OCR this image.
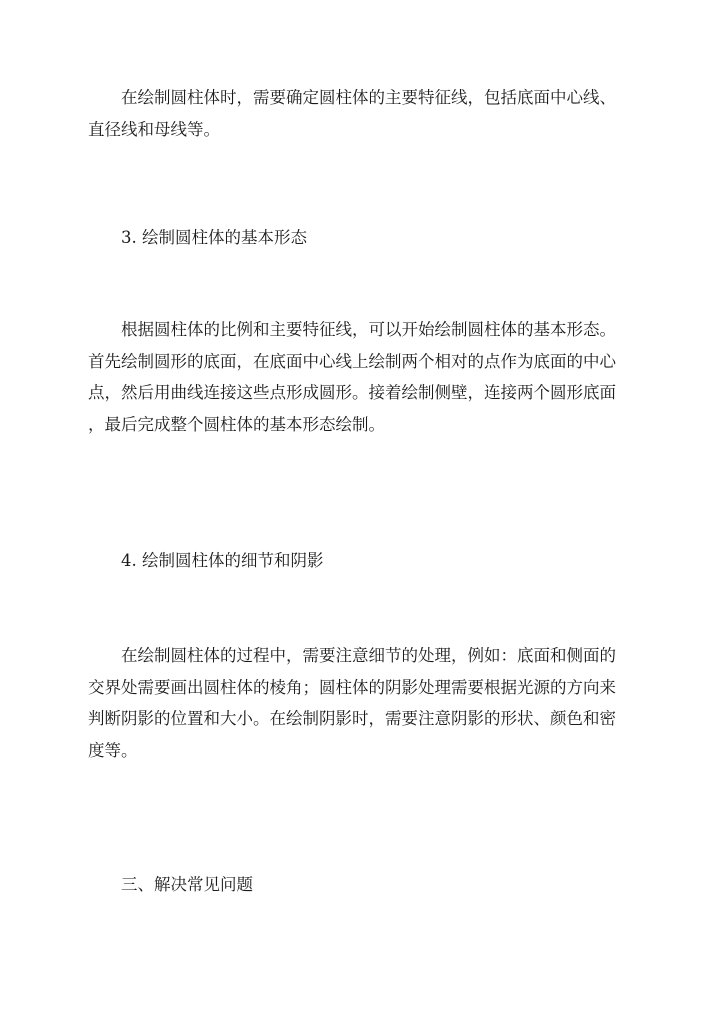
在绘制圆柱体时，需要确定圆柱体的主要特征线，包括底面中心线、
直径线和母线等。

3. 绘制圆柱体的基本形态

根据圆柱体的比例和主要特征线，可以开始绘制圆柱体的基本形态。
首先绘制圆形的底面，在底面中心线上绘制两个相对的点作为底面的中心
点，然后用曲线连接这些点形成圆形。接着绘制侧壁，连接两个圆形底面
，最后完成整个圆柱体的基本形态绘制。

4. 绘制圆柱体的细节和阴影

在绘制圆柱体的过程中，需要注意细节的处理，例如：底面和侧面的
交界处需要画出圆柱体的棱角；圆柱体的阴影处理需要根据光源的方向来
判断阴影的位置和大小。在绘制阴影时，需要注意阴影的形状、颜色和密
度等。

三、解决常见问题
